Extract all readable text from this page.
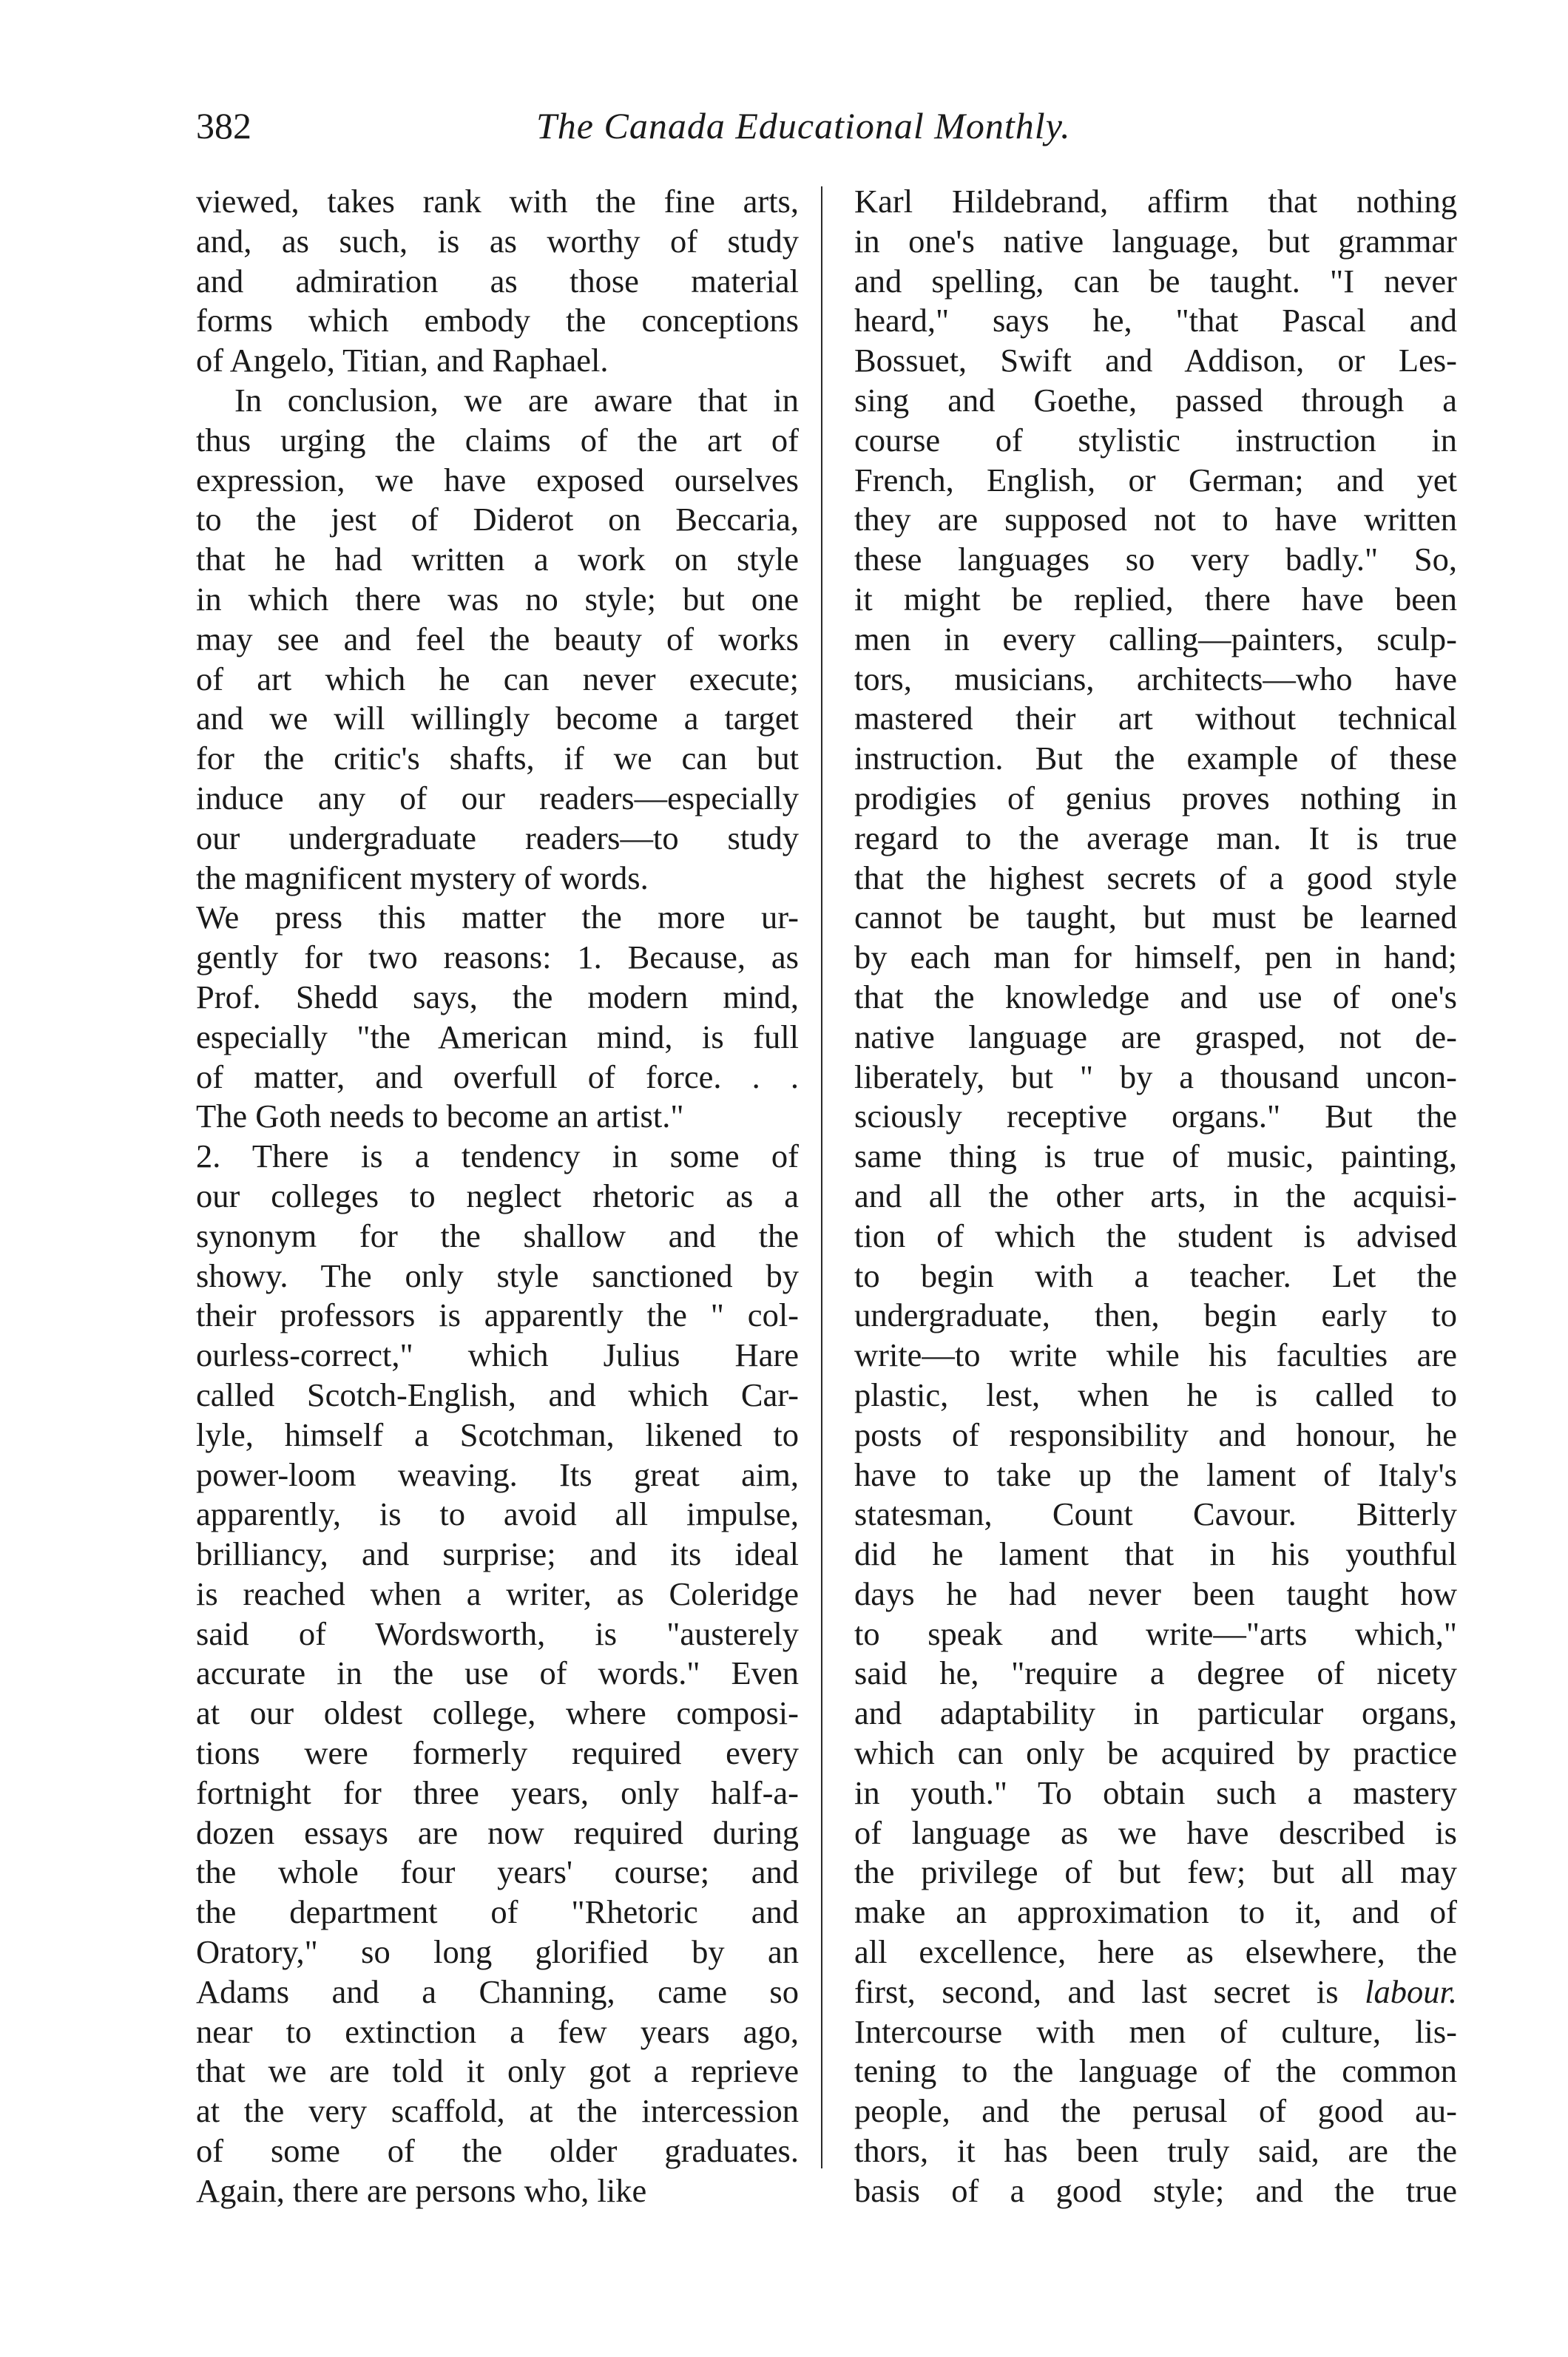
382	The Canada Educational Monthly.
viewed, takes rank with the fine arts,
and, as such, is as worthy of study
and admiration as those material
forms which embody the conceptions
of Angelo, Titian, and Raphael.
In conclusion, we are aware that in
thus urging the claims of the art of
expression, we have exposed ourselves
to the jest of Diderot on Beccaria,
that he had written a work on style
in which there was no style; but one
may see and feel the beauty of works
of art which he can never execute;
and we will willingly become a target
for the critic's shafts, if we can but
induce any of our readers—especially
our undergraduate readers—to study
the magnificent mystery of words.
We press this matter the more ur-
gently for two reasons: 1. Because, as
Prof. Shedd says, the modern mind,
especially "the American mind, is full
of matter, and overfull of force. . .
The Goth needs to become an artist."
2. There is a tendency in some of
our colleges to neglect rhetoric as a
synonym for the shallow and the
showy. The only style sanctioned by
their professors is apparently the " col-
ourless-correct," which Julius Hare
called Scotch-English, and which Car-
lyle, himself a Scotchman, likened to
power-loom weaving. Its great aim,
apparently, is to avoid all impulse,
brilliancy, and surprise; and its ideal
is reached when a writer, as Coleridge
said of Wordsworth, is "austerely
accurate in the use of words." Even
at our oldest college, where composi-
tions were formerly required every
fortnight for three years, only half-a-
dozen essays are now required during
the whole four years' course; and
the department of "Rhetoric and
Oratory," so long glorified by an
Adams and a Channing, came so
near to extinction a few years ago,
that we are told it only got a reprieve
at the very scaffold, at the intercession
of some of the older graduates.
Again, there are persons who, like
Karl Hildebrand, affirm that nothing
in one's native language, but grammar
and spelling, can be taught. "I never
heard," says he, "that Pascal and
Bossuet, Swift and Addison, or Les-
sing and Goethe, passed through a
course of stylistic instruction in
French, English, or German; and yet
they are supposed not to have written
these languages so very badly." So,
it might be replied, there have been
men in every calling—painters, sculp-
tors, musicians, architects—who have
mastered their art without technical
instruction. But the example of these
prodigies of genius proves nothing in
regard to the average man. It is true
that the highest secrets of a good style
cannot be taught, but must be learned
by each man for himself, pen in hand;
that the knowledge and use of one's
native language are grasped, not de-
liberately, but " by a thousand uncon-
sciously receptive organs." But the
same thing is true of music, painting,
and all the other arts, in the acquisi-
tion of which the student is advised
to begin with a teacher. Let the
undergraduate, then, begin early to
write—to write while his faculties are
plastic, lest, when he is called to
posts of responsibility and honour, he
have to take up the lament of Italy's
statesman, Count Cavour. Bitterly
did he lament that in his youthful
days he had never been taught how
to speak and write—"arts which,"
said he, "require a degree of nicety
and adaptability in particular organs,
which can only be acquired by practice
in youth." To obtain such a mastery
of language as we have described is
the privilege of but few; but all may
make an approximation to it, and of
all excellence, here as elsewhere, the
first, second, and last secret is labour.
Intercourse with men of culture, lis-
tening to the language of the common
people, and the perusal of good au-
thors, it has been truly said, are the
basis of a good style; and the true
